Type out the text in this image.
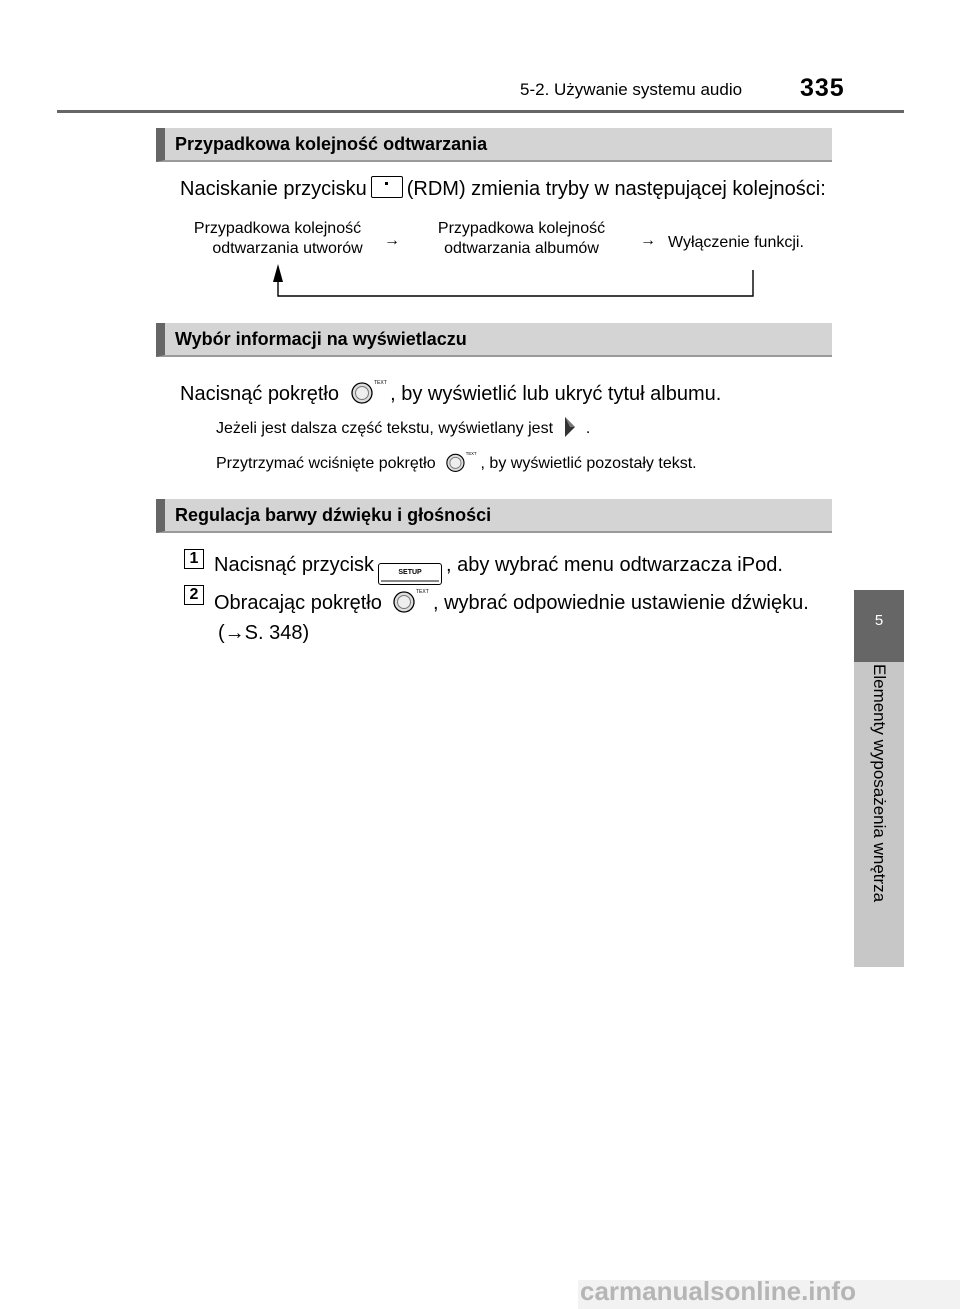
5-2. Używanie systemu audio 335
5
Elementy wyposażenia wnętrza
Przypadkowa kolejność odtwarzania
Naciskanie przycisku (RDM) zmienia tryby w następującej kolejności:
Przypadkowa kolejność
odtwarzania utworów	→
Przypadkowa kolejność
odtwarzania albumów	→ Wyłączenie funkcji.
Wybór informacji na wyświetlaczu
Nacisnąć pokrętło	TEXT , by wyświetlić lub ukryć tytuł albumu.
Jeżeli jest dalsza część tekstu, wyświetlany jest .
Przytrzymać wciśnięte pokrętło
TEXT
, by wyświetlić pozostały tekst.
Regulacja barwy dźwięku i głośności
1 Nacisnąć przycisk	SETUP , aby wybrać menu odtwarzacza iPod.
2 Obracając pokrętło	TEXT , wybrać odpowiednie ustawienie dźwięku.
(→S. 348)
carmanualsonline.info
